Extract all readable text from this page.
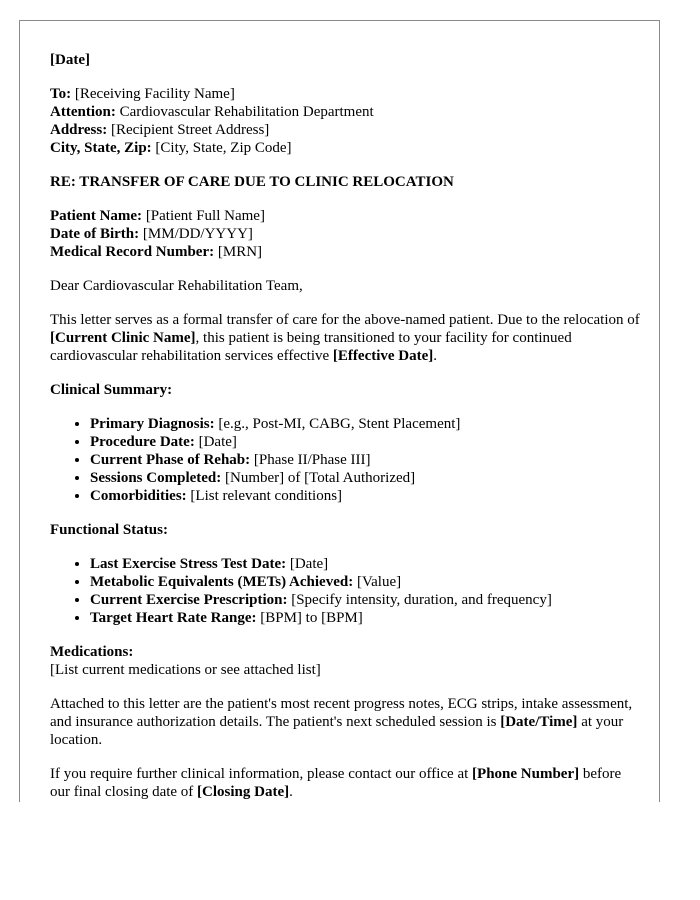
[Date]

To: [Receiving Facility Name]
Attention: Cardiovascular Rehabilitation Department
Address: [Recipient Street Address]
City, State, Zip: [City, State, Zip Code]

RE: TRANSFER OF CARE DUE TO CLINIC RELOCATION

Patient Name: [Patient Full Name]
Date of Birth: [MM/DD/YYYY]
Medical Record Number: [MRN]

Dear Cardiovascular Rehabilitation Team,

This letter serves as a formal transfer of care for the above-named patient. Due to the relocation of [Current Clinic Name], this patient is being transitioned to your facility for continued cardiovascular rehabilitation services effective [Effective Date].

Clinical Summary:
• Primary Diagnosis: [e.g., Post-MI, CABG, Stent Placement]
• Procedure Date: [Date]
• Current Phase of Rehab: [Phase II/Phase III]
• Sessions Completed: [Number] of [Total Authorized]
• Comorbidities: [List relevant conditions]
Functional Status:
• Last Exercise Stress Test Date: [Date]
• Metabolic Equivalents (METs) Achieved: [Value]
• Current Exercise Prescription: [Specify intensity, duration, and frequency]
• Target Heart Rate Range: [BPM] to [BPM]
Medications:
[List current medications or see attached list]

Attached to this letter are the patient's most recent progress notes, ECG strips, intake assessment, and insurance authorization details. The patient's next scheduled session is [Date/Time] at your location.

If you require further clinical information, please contact our office at [Phone Number] before our final closing date of [Closing Date].
